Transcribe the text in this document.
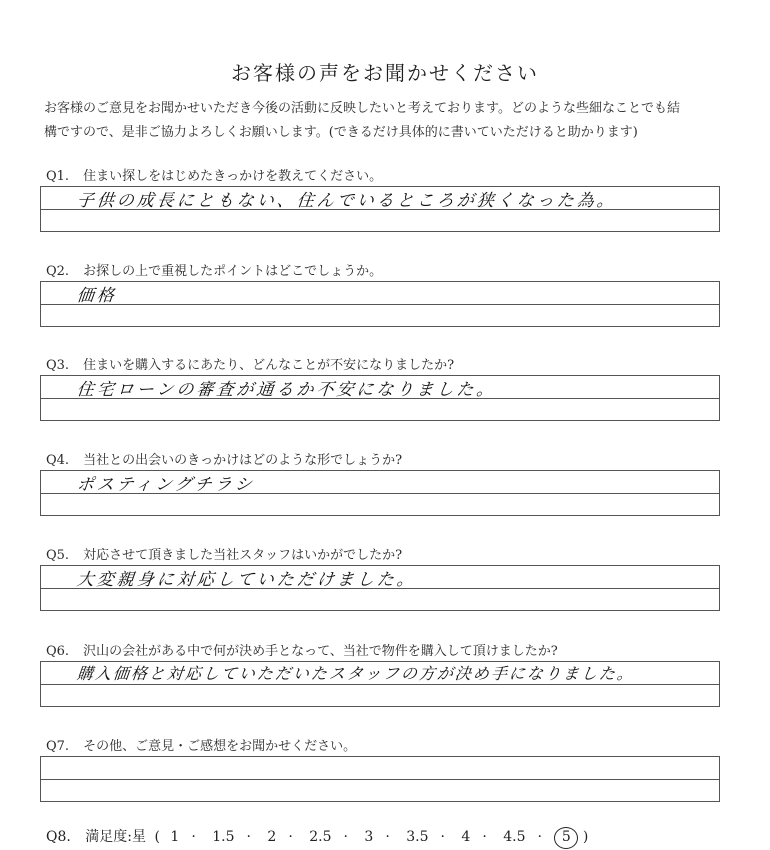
お客様の声をお聞かせください
お客様のご意見をお聞かせいただき今後の活動に反映したいと考えております。どのような些細なことでも結
構ですので、是非ご協力よろしくお願いします。(できるだけ具体的に書いていただけると助かります)
Q1. 住まい探しをはじめたきっかけを教えてください。
子供の成長にともない、住んでいるところが狭くなった為。
Q2. お探しの上で重視したポイントはどこでしょうか。
価格
Q3. 住まいを購入するにあたり、どんなことが不安になりましたか?
住宅ローンの審査が通るか不安になりました。
Q4. 当社との出会いのきっかけはどのような形でしょうか?
ポスティングチラシ
Q5. 対応させて頂きました当社スタッフはいかがでしたか?
大変親身に対応していただけました。
Q6. 沢山の会社がある中で何が決め手となって、当社で物件を購入して頂けましたか?
購入価格と対応していただいたスタッフの方が決め手になりました。
Q7. その他、ご意見・ご感想をお聞かせください。
Q8. 満足度:星 ( 1 · 1.5 · 2 · 2.5 · 3 · 3.5 · 4 · 4.5 · 5 )
